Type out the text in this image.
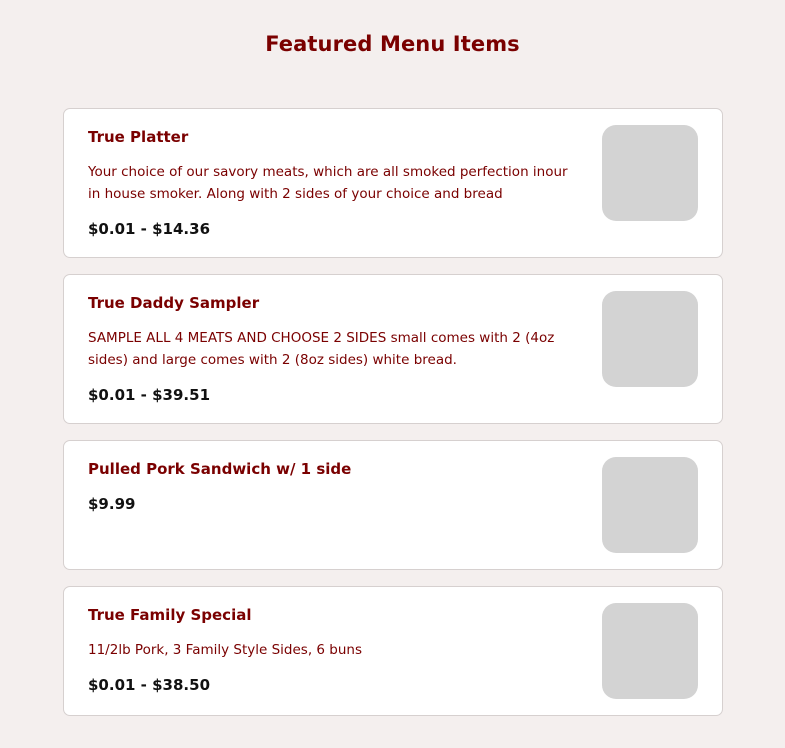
Featured Menu Items
True Platter

Your choice of our savory meats, which are all smoked perfection inour in house smoker. Along with 2 sides of your choice and bread

$0.01 - $14.36

True Daddy Sampler

SAMPLE ALL 4 MEATS AND CHOOSE 2 SIDES small comes with 2 (4oz sides) and large comes with 2 (8oz sides) white bread.

$0.01 - $39.51

Pulled Pork Sandwich w/ 1 side

$9.99

True Family Special

11/2lb Pork, 3 Family Style Sides, 6 buns

$0.01 - $38.50
